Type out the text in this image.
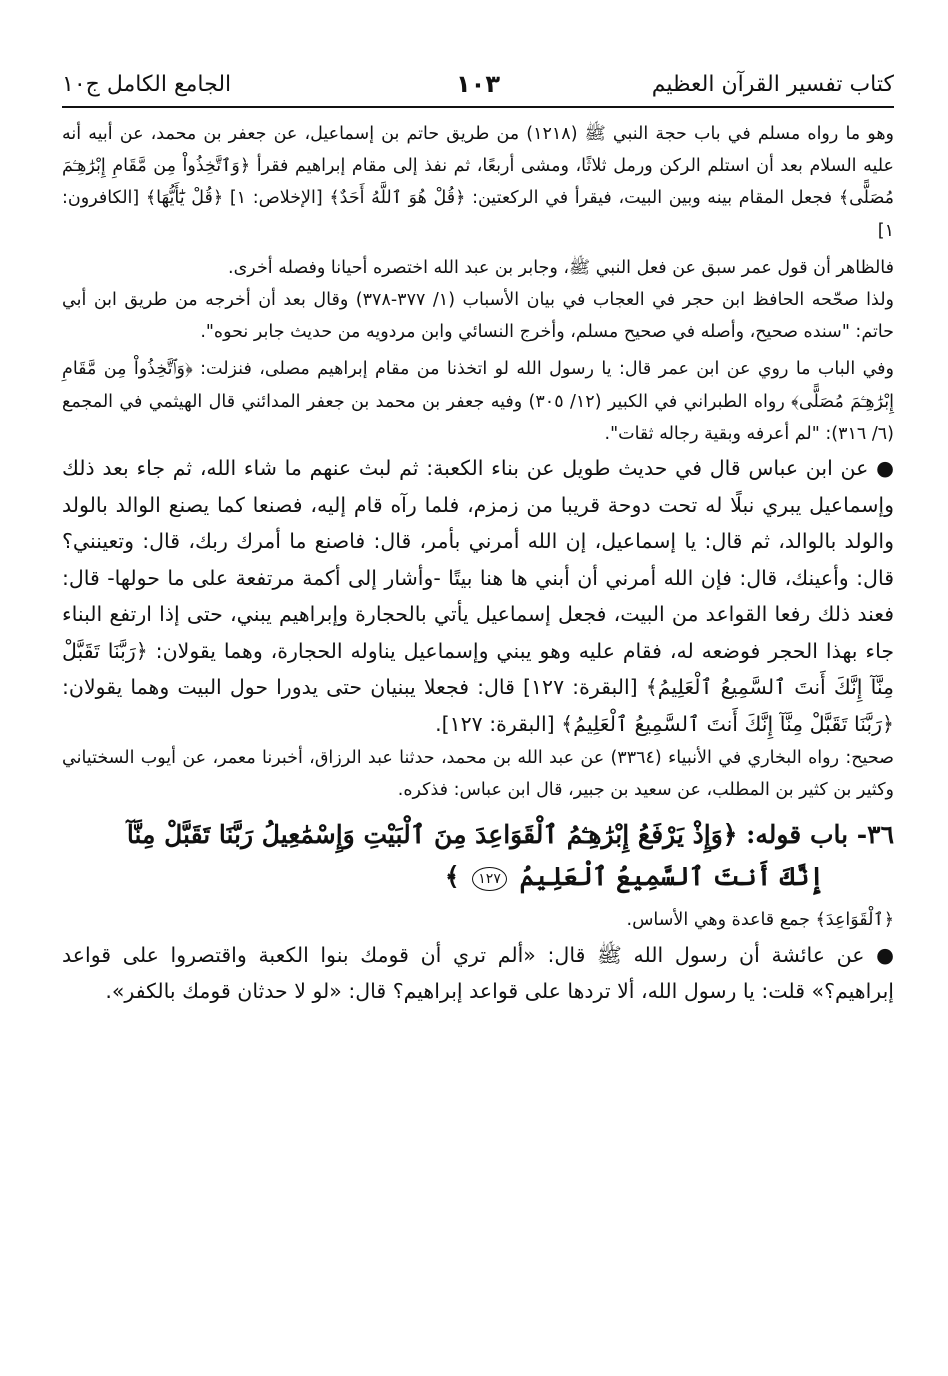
كتاب تفسير القرآن العظيم
١٠٣
الجامع الكامل ج١٠

وهو ما رواه مسلم في باب حجة النبي ﷺ (١٢١٨) من طريق حاتم بن إسماعيل، عن جعفر بن محمد، عن أبيه أنه عليه السلام بعد أن استلم الركن ورمل ثلاثًا، ومشى أربعًا، ثم نفذ إلى مقام إبراهيم فقرأ ﴿وَٱتَّخِذُواْ مِن مَّقَامِ إِبْرَٰهِـۧمَ مُصَلًّى﴾ فجعل المقام بينه وبين البيت، فيقرأ في الركعتين: ﴿قُلْ هُوَ ٱللَّهُ أَحَدٌ﴾ [الإخلاص: ١] ﴿قُلْ يَٰٓأَيُّهَا﴾ [الكافرون: ١]

فالظاهر أن قول عمر سبق عن فعل النبي ﷺ، وجابر بن عبد الله اختصره أحيانا وفصله أخرى.

ولذا صحّحه الحافظ ابن حجر في العجاب في بيان الأسباب (١/ ٣٧٧-٣٧٨) وقال بعد أن أخرجه من طريق ابن أبي حاتم: "سنده صحيح، وأصله في صحيح مسلم، وأخرج النسائي وابن مردويه من حديث جابر نحوه".

وفي الباب ما روي عن ابن عمر قال: يا رسول الله لو اتخذنا من مقام إبراهيم مصلى، فنزلت: ﴿وَٱتَّخِذُواْ مِن مَّقَامِ إِبْرَٰهِـۧمَ مُصَلًّى﴾ رواه الطبراني في الكبير (١٢/ ٣٠٥) وفيه جعفر بن محمد بن جعفر المدائني قال الهيثمي في المجمع (٦/ ٣١٦): "لم أعرفه وبقية رجاله ثقات".

● عن ابن عباس قال في حديث طويل عن بناء الكعبة: ثم لبث عنهم ما شاء الله، ثم جاء بعد ذلك وإسماعيل يبري نبلًا له تحت دوحة قريبا من زمزم، فلما رآه قام إليه، فصنعا كما يصنع الوالد بالولد والولد بالوالد، ثم قال: يا إسماعيل، إن الله أمرني بأمر، قال: فاصنع ما أمرك ربك، قال: وتعينني؟ قال: وأعينك، قال: فإن الله أمرني أن أبني ها هنا بيتًا -وأشار إلى أكمة مرتفعة على ما حولها- قال: فعند ذلك رفعا القواعد من البيت، فجعل إسماعيل يأتي بالحجارة وإبراهيم يبني، حتى إذا ارتفع البناء جاء بهذا الحجر فوضعه له، فقام عليه وهو يبني وإسماعيل يناوله الحجارة، وهما يقولان: ﴿رَبَّنَا تَقَبَّلْ مِنَّآ إِنَّكَ أَنتَ ٱلسَّمِيعُ ٱلْعَلِيمُ﴾ [البقرة: ١٢٧] قال: فجعلا يبنيان حتى يدورا حول البيت وهما يقولان: ﴿رَبَّنَا تَقَبَّلْ مِنَّآ إِنَّكَ أَنتَ ٱلسَّمِيعُ ٱلْعَلِيمُ﴾ [البقرة: ١٢٧].

صحيح: رواه البخاري في الأنبياء (٣٣٦٤) عن عبد الله بن محمد، حدثنا عبد الرزاق، أخبرنا معمر، عن أيوب السختياني وكثير بن كثير بن المطلب، عن سعيد بن جبير، قال ابن عباس: فذكره.

٣٦- باب قوله: ﴿وَإِذْ يَرْفَعُ إِبْرَٰهِـۧمُ ٱلْقَوَاعِدَ مِنَ ٱلْبَيْتِ وَإِسْمَٰعِيلُ رَبَّنَا تَقَبَّلْ مِنَّآ
إِنَّكَ أَنتَ ٱلسَّمِيعُ ٱلْعَلِيمُ ١٢٧ ﴾

﴿ٱلْقَوَاعِدَ﴾ جمع قاعدة وهي الأساس.

● عن عائشة أن رسول الله ﷺ قال: «ألم تري أن قومك بنوا الكعبة واقتصروا على قواعد إبراهيم؟» قلت: يا رسول الله، ألا تردها على قواعد إبراهيم؟ قال: «لو لا حدثان قومك بالكفر».
